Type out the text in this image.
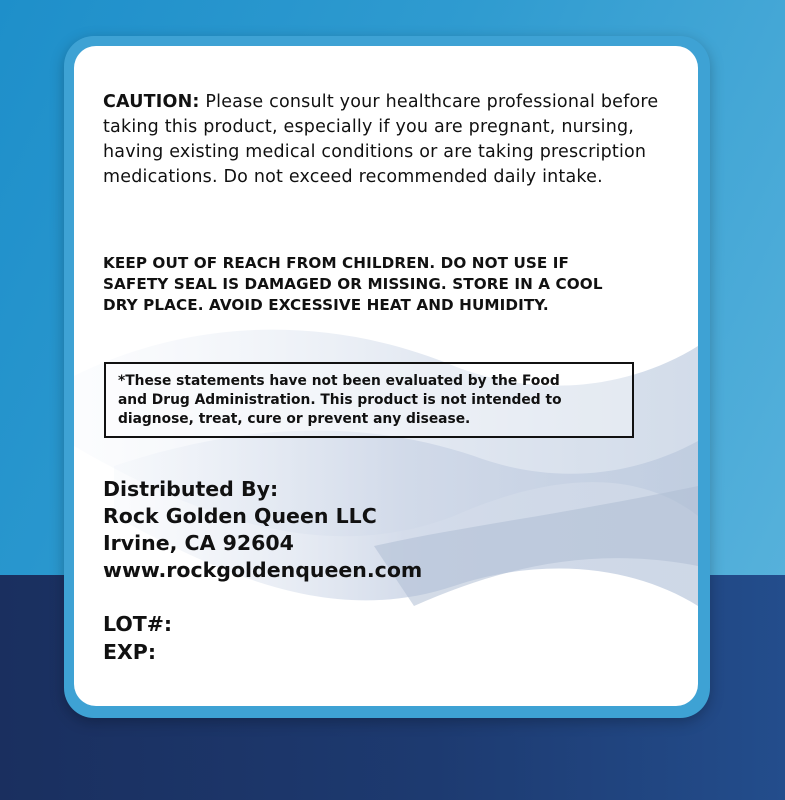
CAUTION: Please consult your healthcare professional before taking this product, especially if you are pregnant, nursing, having existing medical conditions or are taking prescription medications. Do not exceed recommended daily intake.
KEEP OUT OF REACH FROM CHILDREN. DO NOT USE IF
SAFETY SEAL IS DAMAGED OR MISSING. STORE IN A COOL
DRY PLACE. AVOID EXCESSIVE HEAT AND HUMIDITY.
*These statements have not been evaluated by the Food
and Drug Administration. This product is not intended to
diagnose, treat, cure or prevent any disease.
Distributed By:
Rock Golden Queen LLC
Irvine, CA 92604
www.rockgoldenqueen.com
LOT#:
EXP:
